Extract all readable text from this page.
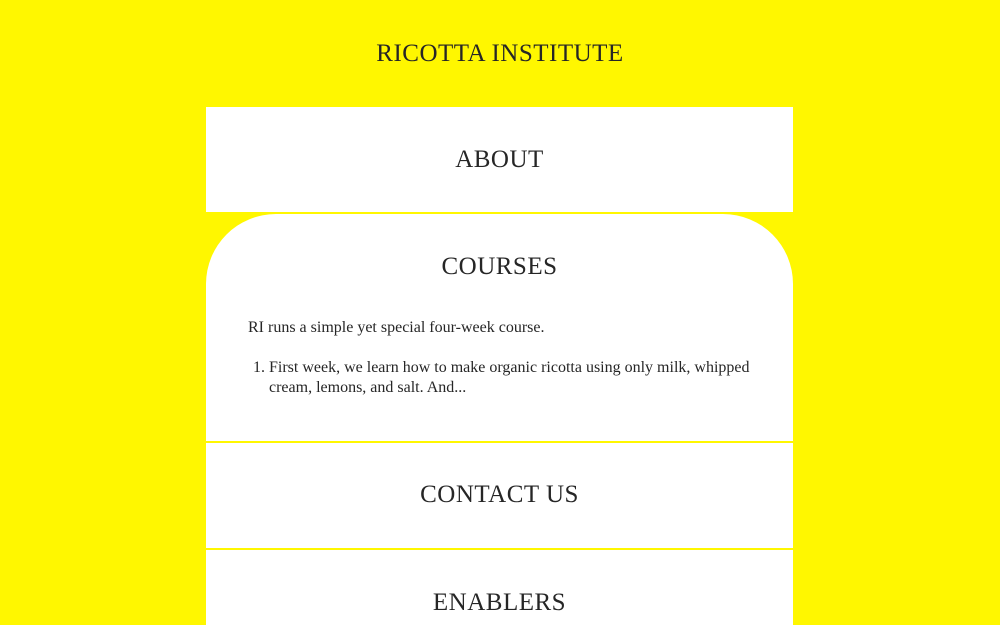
RICOTTA INSTITUTE
ABOUT
COURSES

RI runs a simple yet special four-week course.

1. First week, we learn how to make organic ricotta using only milk, whipped cream, lemons, and salt. And...
CONTACT US
ENABLERS
